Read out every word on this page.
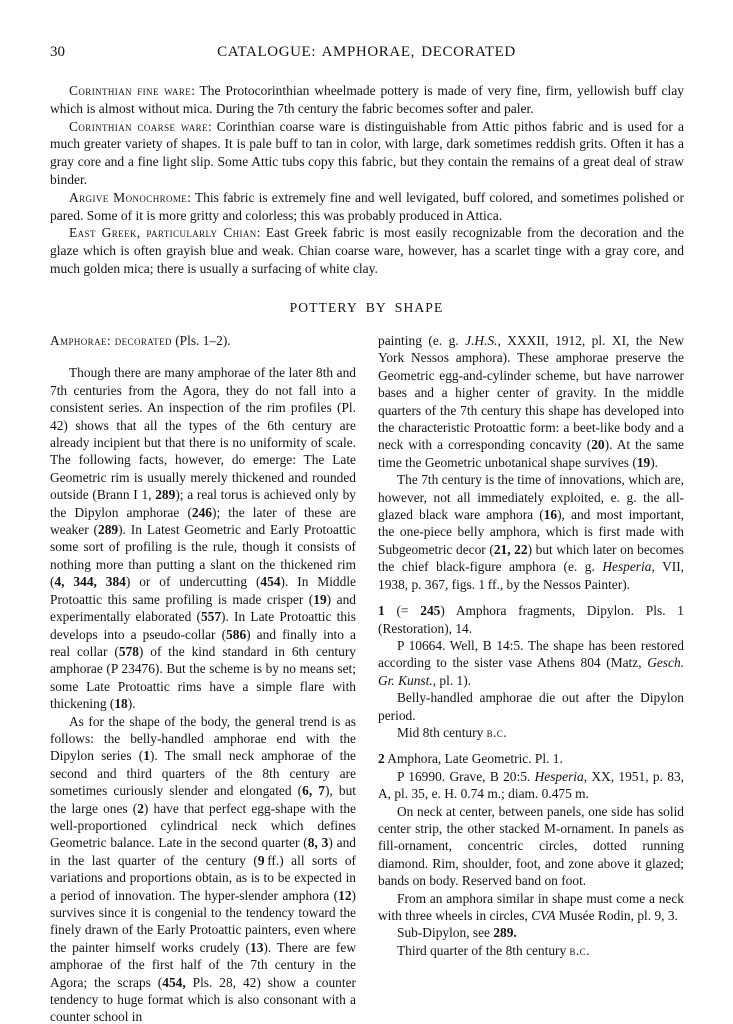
30	CATALOGUE: AMPHORAE, DECORATED

Corinthian fine ware: The Protocorinthian wheelmade pottery is made of very fine, firm, yellowish buff clay which is almost without mica. During the 7th century the fabric becomes softer and paler.

Corinthian coarse ware: Corinthian coarse ware is distinguishable from Attic pithos fabric and is used for a much greater variety of shapes. It is pale buff to tan in color, with large, dark sometimes reddish grits. Often it has a gray core and a fine light slip. Some Attic tubs copy this fabric, but they contain the remains of a great deal of straw binder.

Argive Monochrome: This fabric is extremely fine and well levigated, buff colored, and sometimes polished or pared. Some of it is more gritty and colorless; this was probably produced in Attica.

East Greek, particularly Chian: East Greek fabric is most easily recognizable from the decoration and the glaze which is often grayish blue and weak. Chian coarse ware, however, has a scarlet tinge with a gray core, and much golden mica; there is usually a surfacing of white clay.

POTTERY BY SHAPE

Amphorae: decorated (Pls. 1–2).

Though there are many amphorae of the later 8th and 7th centuries from the Agora, they do not fall into a consistent series. An inspection of the rim profiles (Pl. 42) shows that all the types of the 6th century are already incipient but that there is no uniformity of scale. The following facts, however, do emerge: The Late Geometric rim is usually merely thickened and rounded outside (Brann I 1, 289); a real torus is achieved only by the Dipylon amphorae (246); the later of these are weaker (289). In Latest Geometric and Early Protoattic some sort of profiling is the rule, though it consists of nothing more than putting a slant on the thickened rim (4, 344, 384) or of undercutting (454). In Middle Protoattic this same profiling is made crisper (19) and experimentally elaborated (557). In Late Protoattic this develops into a pseudo-collar (586) and finally into a real collar (578) of the kind standard in 6th century amphorae (P 23476). But the scheme is by no means set; some Late Protoattic rims have a simple flare with thickening (18).

As for the shape of the body, the general trend is as follows: the belly-handled amphorae end with the Dipylon series (1). The small neck amphorae of the second and third quarters of the 8th century are sometimes curiously slender and elongated (6, 7), but the large ones (2) have that perfect egg-shape with the well-proportioned cylindrical neck which defines Geometric balance. Late in the second quarter (8, 3) and in the last quarter of the century (9 ff.) all sorts of variations and proportions obtain, as is to be expected in a period of innovation. The hyper-slender amphora (12) survives since it is congenial to the tendency toward the finely drawn of the Early Protoattic painters, even where the painter himself works crudely (13). There are few amphorae of the first half of the 7th century in the Agora; the scraps (454, Pls. 28, 42) show a counter tendency to huge format which is also consonant with a counter school in

painting (e. g. J.H.S., XXXII, 1912, pl. XI, the New York Nessos amphora). These amphorae preserve the Geometric egg-and-cylinder scheme, but have narrower bases and a higher center of gravity. In the middle quarters of the 7th century this shape has developed into the characteristic Protoattic form: a beet-like body and a neck with a corresponding concavity (20). At the same time the Geometric unbotanical shape survives (19).

The 7th century is the time of innovations, which are, however, not all immediately exploited, e. g. the all-glazed black ware amphora (16), and most important, the one-piece belly amphora, which is first made with Subgeometric decor (21, 22) but which later on becomes the chief black-figure amphora (e. g. Hesperia, VII, 1938, p. 367, figs. 1 ff., by the Nessos Painter).

1 (= 245) Amphora fragments, Dipylon. Pls. 1 (Restoration), 14.

P 10664. Well, B 14:5. The shape has been restored according to the sister vase Athens 804 (Matz, Gesch. Gr. Kunst., pl. 1).

Belly-handled amphorae die out after the Dipylon period.

Mid 8th century b.c.

2 Amphora, Late Geometric. Pl. 1.

P 16990. Grave, B 20:5. Hesperia, XX, 1951, p. 83, A, pl. 35, e. H. 0.74 m.; diam. 0.475 m.

On neck at center, between panels, one side has solid center strip, the other stacked M-ornament. In panels as fill-ornament, concentric circles, dotted running diamond. Rim, shoulder, foot, and zone above it glazed; bands on body. Reserved band on foot.

From an amphora similar in shape must come a neck with three wheels in circles, CVA Musée Rodin, pl. 9, 3.

Sub-Dipylon, see 289.

Third quarter of the 8th century b.c.
